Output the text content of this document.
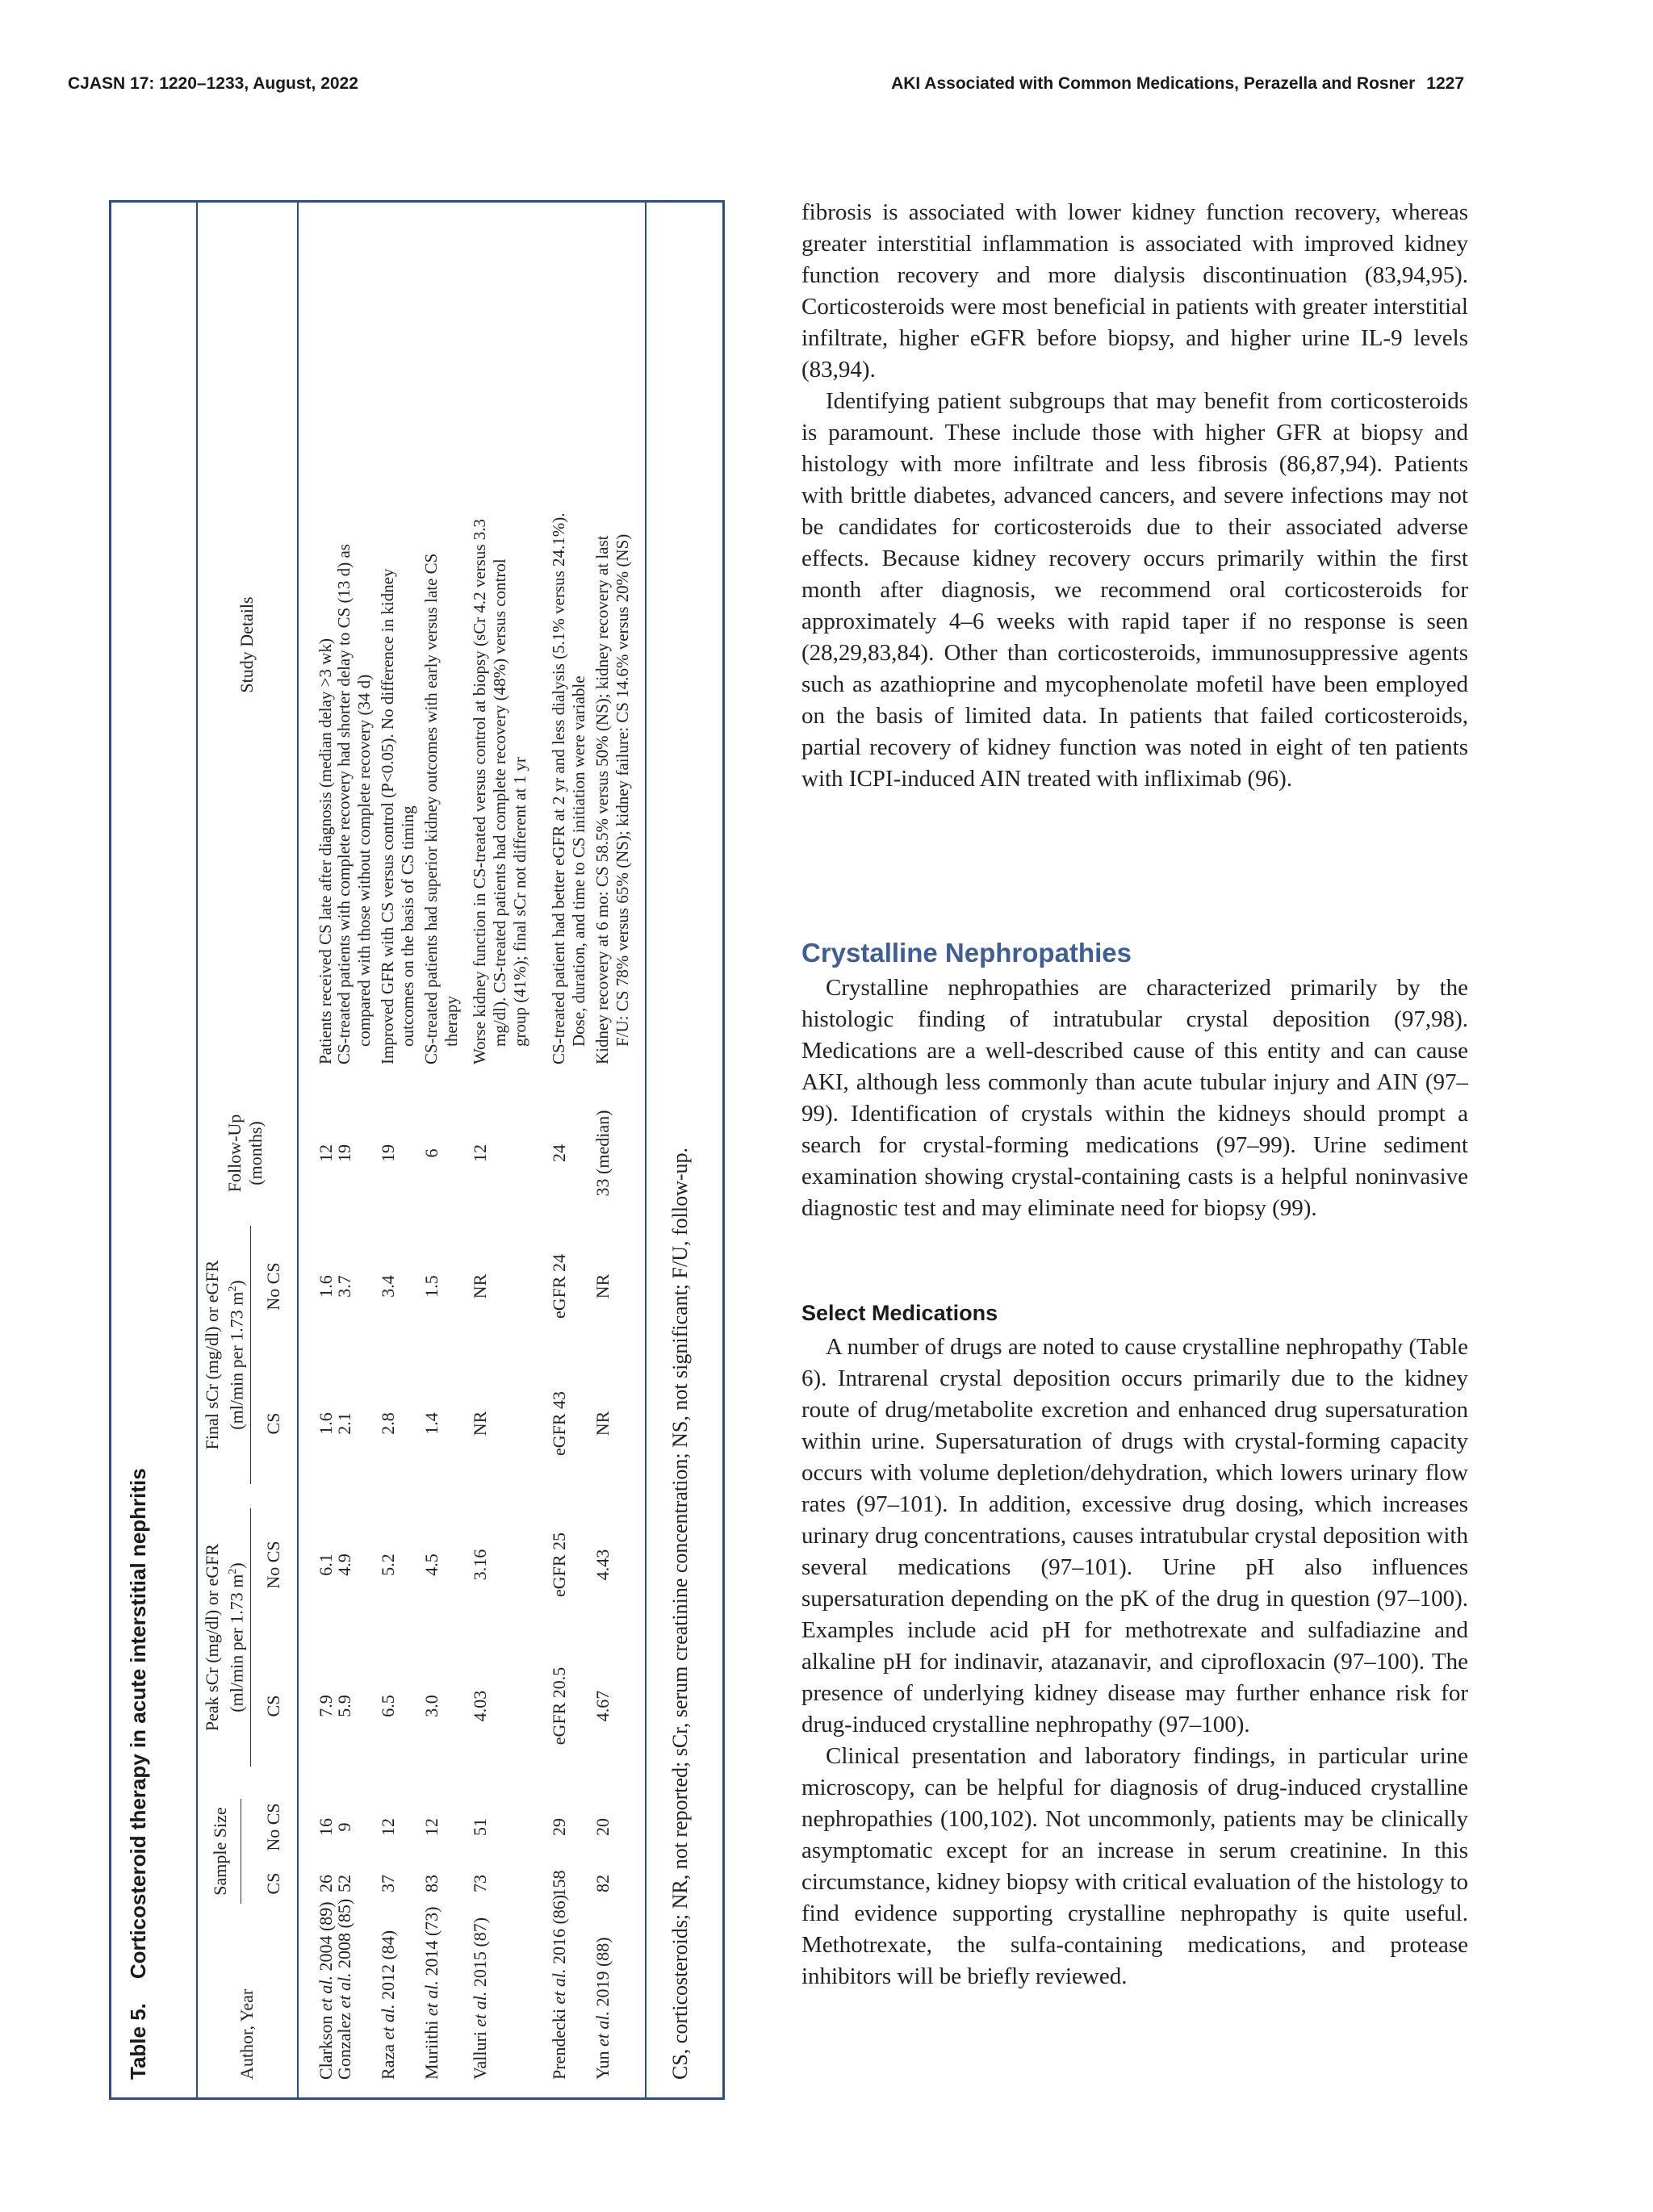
CJASN 17: 1220–1233, August, 2022	AKI Associated with Common Medications, Perazella and Rosner 1227
Table 5.Corticosteroid therapy in acute interstitial nephritis
Author, Year
Sample Size CS
No CS
Peak sCr (mg/dl) or eGFR (ml/min per 1.73 $m^2$)
CS
No CS
Final sCr (mg/dl) or eGFR (ml/min per 1.73 $m^2$)
CS
No CS
Follow-Up (months)
Study Details
Clarkson et al. 2004 (89)
26
16
7.9
6.1
1.6
1.6
12
Patients received CS late after diagnosis (median delay >3 wk)
Gonzalez et al. 2008 (85)
52
9
5.9
4.9
2.1
3.7
19
CS-treated patients with complete recovery had shorter delay to CS (13 d) as compared with those without complete recovery (34 d)
Raza et al. 2012 (84)
37
12
6.5
5.2
2.8
3.4
19
Improved GFR with CS versus control (P<0.05). No difference in kidney outcomes on the basis of CS timing
Muriithi et al. 2014 (73)
83
12
3.0
4.5
1.4
1.5
6
CS-treated patients had superior kidney outcomes with early versus late CS therapy
Valluri et al. 2015 (87)
73
51
4.03
3.16
NR
NR
12
Worse kidney function in CS-treated versus control at biopsy (sCr 4.2 versus 3.3 mg/dl). CS-treated patients had complete recovery (48%) versus control group (41%); final sCr not different at 1 yr
Prendecki et al. 2016 (86)
158
29
eGFR 20.5
eGFR 25
eGFR 43
eGFR 24
24
CS-treated patient had better eGFR at 2 yr and less dialysis (5.1% versus 24.1%). Dose, duration, and time to CS initiation were variable
Yun et al. 2019 (88)
82
20
4.67
4.43
NR
NR
33 (median)
Kidney recovery at 6 mo: CS 58.5% versus 50% (NS); kidney recovery at last F/U: CS 78% versus 65% (NS); kidney failure: CS 14.6% versus 20% (NS)
CS, corticosteroids; NR, not reported; sCr, serum creatinine concentration; NS, not significant; F/U, follow-up.

fibrosis is associated with lower kidney function recovery, whereas greater interstitial inflammation is associated with improved kidney function recovery and more dialysis discontinuation (83,94,95). Corticosteroids were most beneficial in patients with greater interstitial infiltrate, higher eGFR before biopsy, and higher urine IL-9 levels (83,94).

Identifying patient subgroups that may benefit from corticosteroids is paramount. These include those with higher GFR at biopsy and histology with more infiltrate and less fibrosis (86,87,94). Patients with brittle diabetes, advanced cancers, and severe infections may not be candidates for corticosteroids due to their associated adverse effects. Because kidney recovery occurs primarily within the first month after diagnosis, we recommend oral corticosteroids for approximately 4–6 weeks with rapid taper if no response is seen (28,29,83,84). Other than corticosteroids, immunosuppressive agents such as azathioprine and mycophenolate mofetil have been employed on the basis of limited data. In patients that failed corticosteroids, partial recovery of kidney function was noted in eight of ten patients with ICPI-induced AIN treated with infliximab (96).

Crystalline Nephropathies

Crystalline nephropathies are characterized primarily by the histologic finding of intratubular crystal deposition (97,98). Medications are a well-described cause of this entity and can cause AKI, although less commonly than acute tubular injury and AIN (97–99). Identification of crystals within the kidneys should prompt a search for crystal-forming medications (97–99). Urine sediment examination showing crystal-containing casts is a helpful noninvasive diagnostic test and may eliminate need for biopsy (99).

Select Medications

A number of drugs are noted to cause crystalline nephropathy (Table 6). Intrarenal crystal deposition occurs primarily due to the kidney route of drug/metabolite excretion and enhanced drug supersaturation within urine. Supersaturation of drugs with crystal-forming capacity occurs with volume depletion/dehydration, which lowers urinary flow rates (97–101). In addition, excessive drug dosing, which increases urinary drug concentrations, causes intratubular crystal deposition with several medications (97–101). Urine pH also influences supersaturation depending on the pK of the drug in question (97–100). Examples include acid pH for methotrexate and sulfadiazine and alkaline pH for indinavir, atazanavir, and ciprofloxacin (97–100). The presence of underlying kidney disease may further enhance risk for drug-induced crystalline nephropathy (97–100).

Clinical presentation and laboratory findings, in particular urine microscopy, can be helpful for diagnosis of drug-induced crystalline nephropathies (100,102). Not uncommonly, patients may be clinically asymptomatic except for an increase in serum creatinine. In this circumstance, kidney biopsy with critical evaluation of the histology to find evidence supporting crystalline nephropathy is quite useful. Methotrexate, the sulfa-containing medications, and protease inhibitors will be briefly reviewed.
